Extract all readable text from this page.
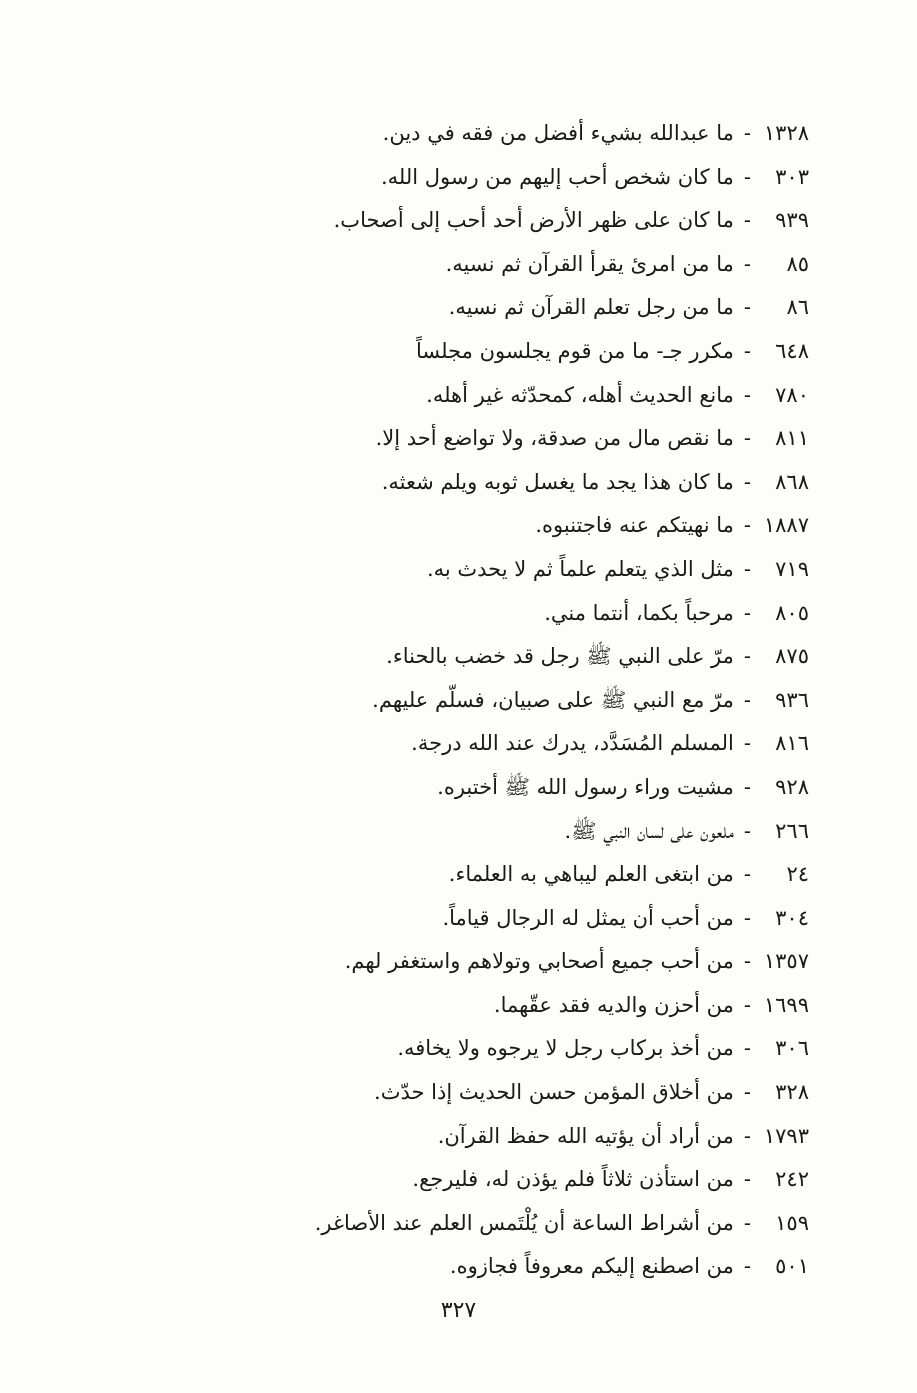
١٣٢٨-ما عبدالله بشيء أفضل من فقه في دين.
٣٠٣-ما كان شخص أحب إليهم من رسول الله.
٩٣٩-ما كان على ظهر الأرض أحد أحب إلى أصحاب.
٨٥-ما من امرئ يقرأ القرآن ثم نسيه.
٨٦-ما من رجل تعلم القرآن ثم نسيه.
٦٤٨-مكرر جـ- ما من قوم يجلسون مجلساً
٧٨٠-مانع الحديث أهله، كمحدّثه غير أهله.
٨١١-ما نقص مال من صدقة، ولا تواضع أحد إلا.
٨٦٨-ما كان هذا يجد ما يغسل ثوبه ويلم شعثه.
١٨٨٧-ما نهيتكم عنه فاجتنبوه.
٧١٩-مثل الذي يتعلم علماً ثم لا يحدث به.
٨٠٥-مرحباً بكما، أنتما مني.
٨٧٥-مرّ على النبي ﷺ رجل قد خضب بالحناء.
٩٣٦-مرّ مع النبي ﷺ على صبيان، فسلّم عليهم.
٨١٦-المسلم المُسَدَّد، يدرك عند الله درجة.
٩٢٨-مشيت وراء رسول الله ﷺ أختبره.
٢٦٦-ملعون على لسان النبي ﷺ.
٢٤-من ابتغى العلم ليباهي به العلماء.
٣٠٤-من أحب أن يمثل له الرجال قياماً.
١٣٥٧-من أحب جميع أصحابي وتولاهم واستغفر لهم.
١٦٩٩-من أحزن والديه فقد عقّهما.
٣٠٦-من أخذ بركاب رجل لا يرجوه ولا يخافه.
٣٢٨-من أخلاق المؤمن حسن الحديث إذا حدّث.
١٧٩٣-من أراد أن يؤتيه الله حفظ القرآن.
٢٤٢-من استأذن ثلاثاً فلم يؤذن له، فليرجع.
١٥٩-من أشراط الساعة أن يُلْتَمس العلم عند الأصاغر.
٥٠١-من اصطنع إليكم معروفاً فجازوه.
٣٢٧
